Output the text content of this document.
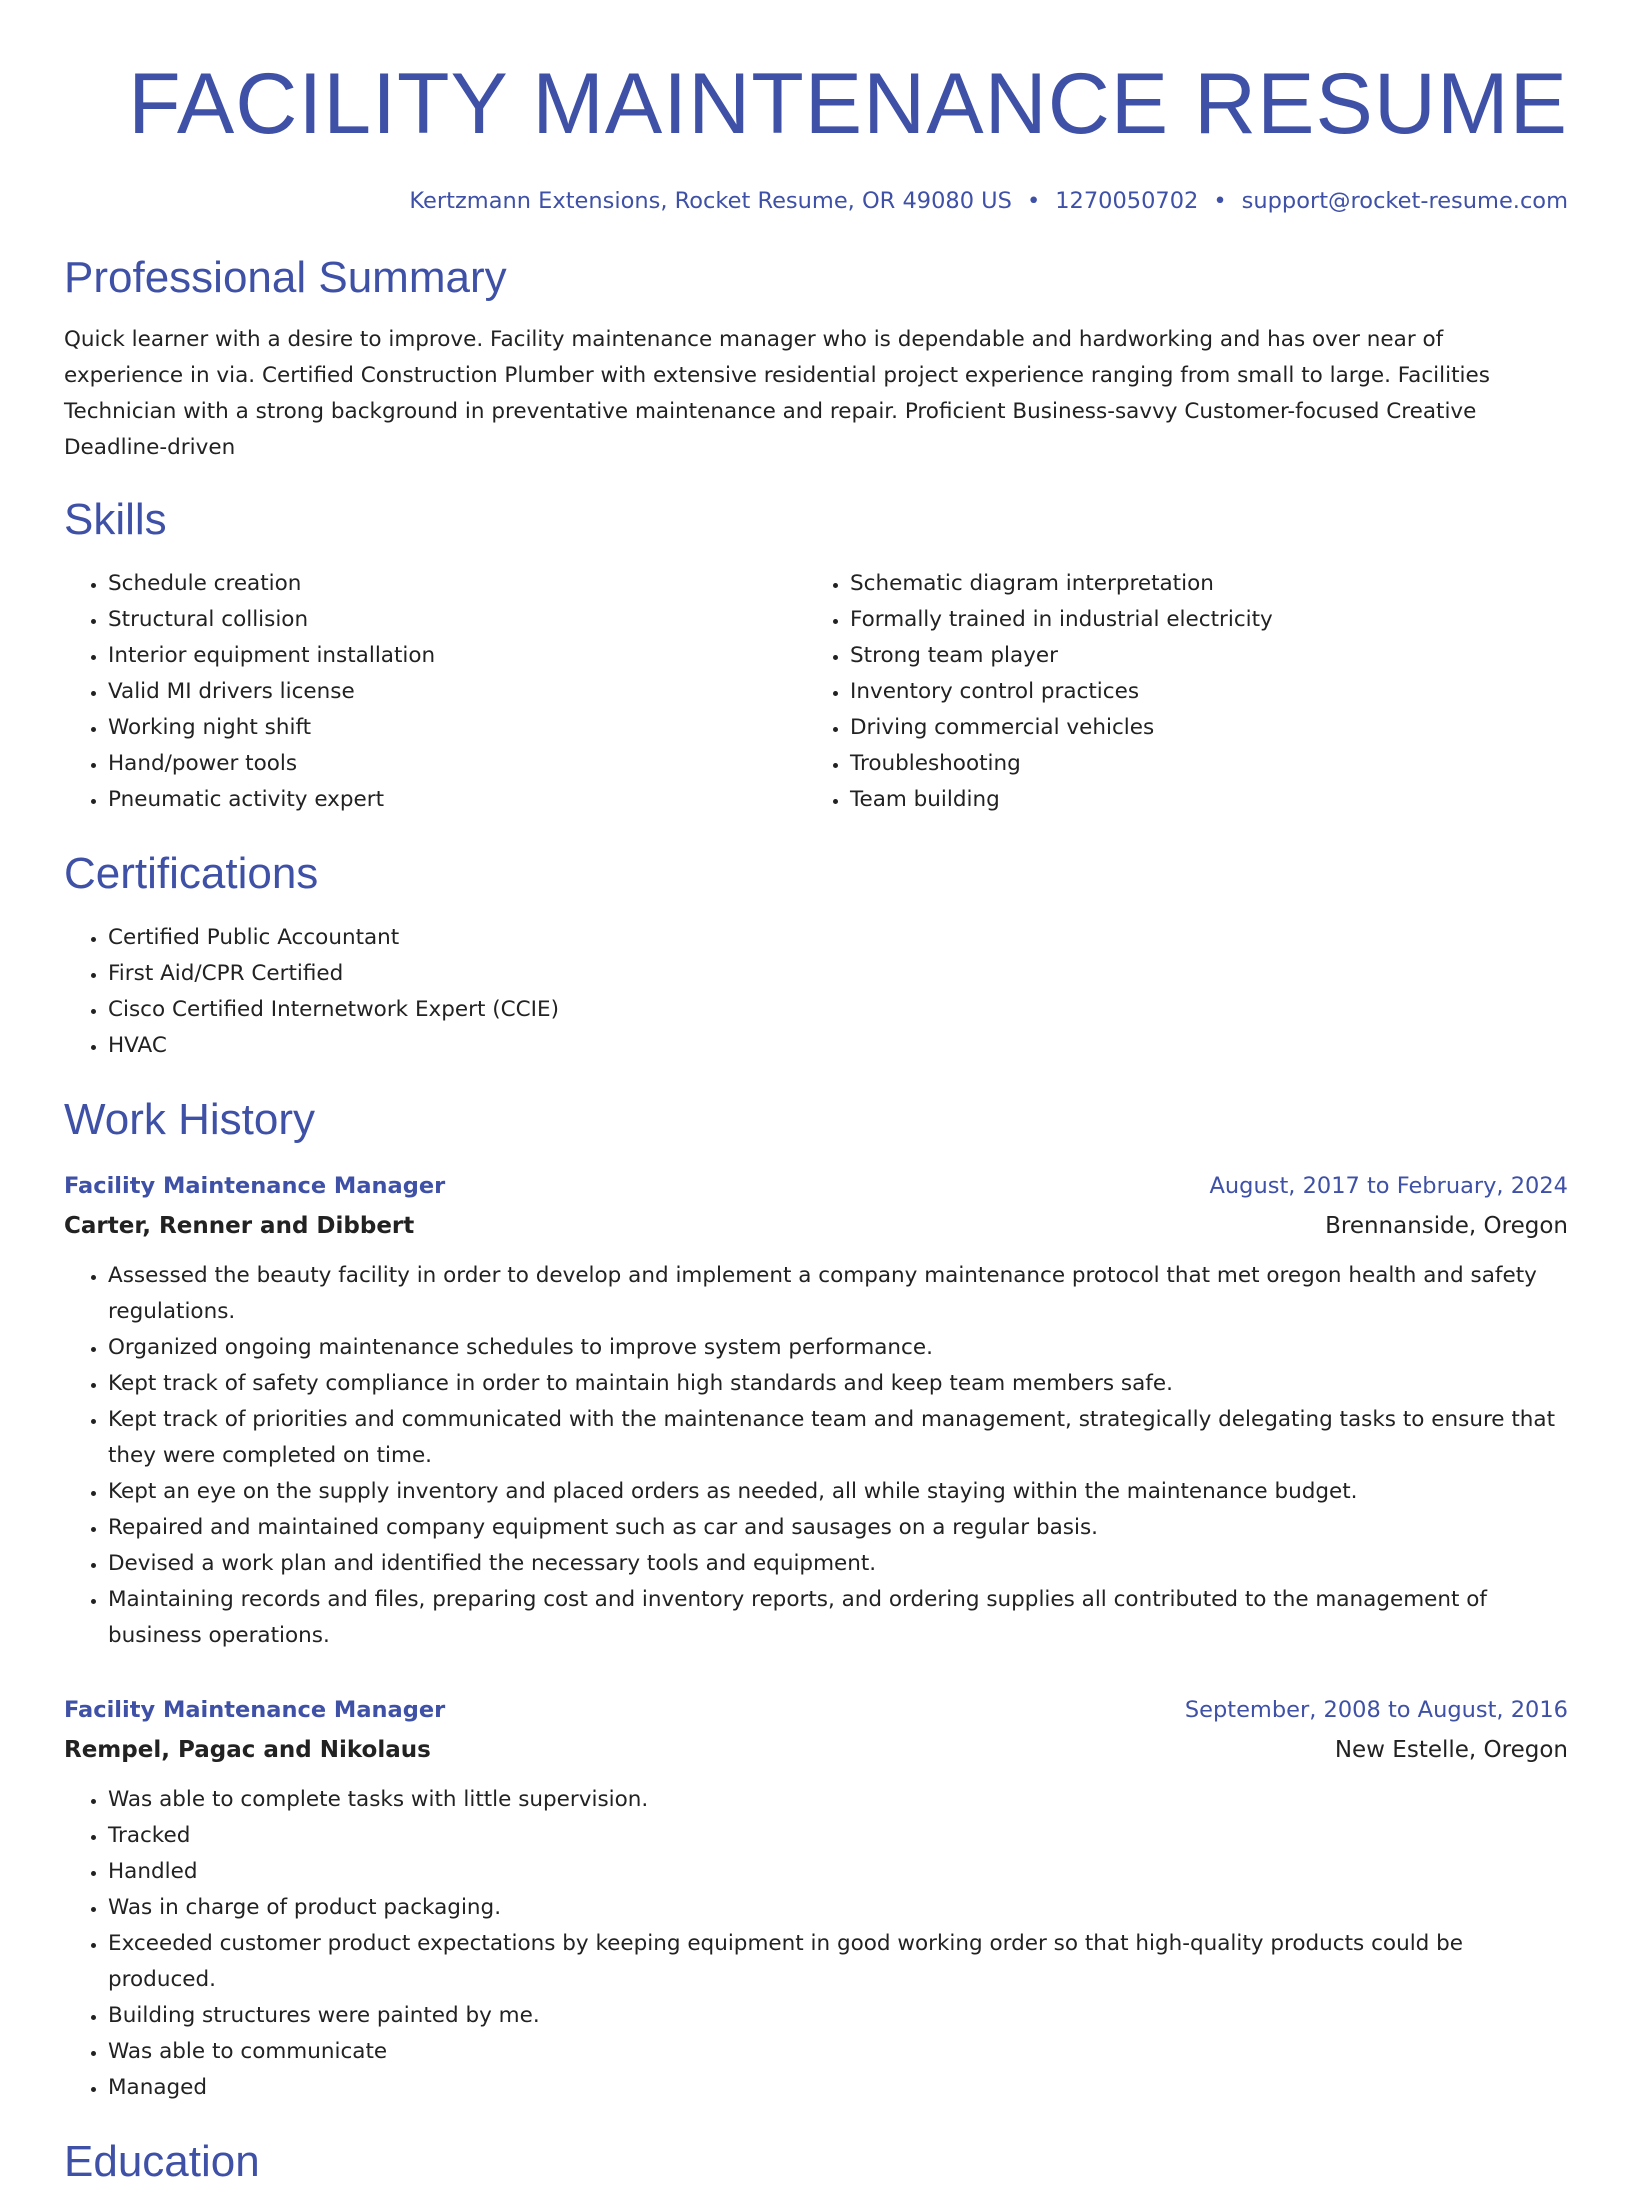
FACILITY MAINTENANCE RESUME
Kertzmann Extensions, Rocket Resume, OR 49080 US • 1270050702 • support@rocket-resume.com
Professional Summary
Quick learner with a desire to improve. Facility maintenance manager who is dependable and hardworking and has over near of experience in via. Certified Construction Plumber with extensive residential project experience ranging from small to large. Facilities Technician with a strong background in preventative maintenance and repair. Proficient Business-savvy Customer-focused Creative Deadline-driven
Skills
• Schedule creation
• Structural collision
• Interior equipment installation
• Valid MI drivers license
• Working night shift
• Hand/power tools
• Pneumatic activity expert
• Schematic diagram interpretation
• Formally trained in industrial electricity
• Strong team player
• Inventory control practices
• Driving commercial vehicles
• Troubleshooting
• Team building
Certifications
• Certified Public Accountant
• First Aid/CPR Certified
• Cisco Certified Internetwork Expert (CCIE)
• HVAC
Work History
Facility Maintenance Manager	August, 2017 to February, 2024
Carter, Renner and Dibbert	Brennanside, Oregon
• Assessed the beauty facility in order to develop and implement a company maintenance protocol that met oregon health and safety regulations.
• Organized ongoing maintenance schedules to improve system performance.
• Kept track of safety compliance in order to maintain high standards and keep team members safe.
• Kept track of priorities and communicated with the maintenance team and management, strategically delegating tasks to ensure that they were completed on time.
• Kept an eye on the supply inventory and placed orders as needed, all while staying within the maintenance budget.
• Repaired and maintained company equipment such as car and sausages on a regular basis.
• Devised a work plan and identified the necessary tools and equipment.
• Maintaining records and files, preparing cost and inventory reports, and ordering supplies all contributed to the management of business operations.
Facility Maintenance Manager	September, 2008 to August, 2016
Rempel, Pagac and Nikolaus	New Estelle, Oregon
• Was able to complete tasks with little supervision.
• Tracked
• Handled
• Was in charge of product packaging.
• Exceeded customer product expectations by keeping equipment in good working order so that high-quality products could be produced.
• Building structures were painted by me.
• Was able to communicate
• Managed
Education
